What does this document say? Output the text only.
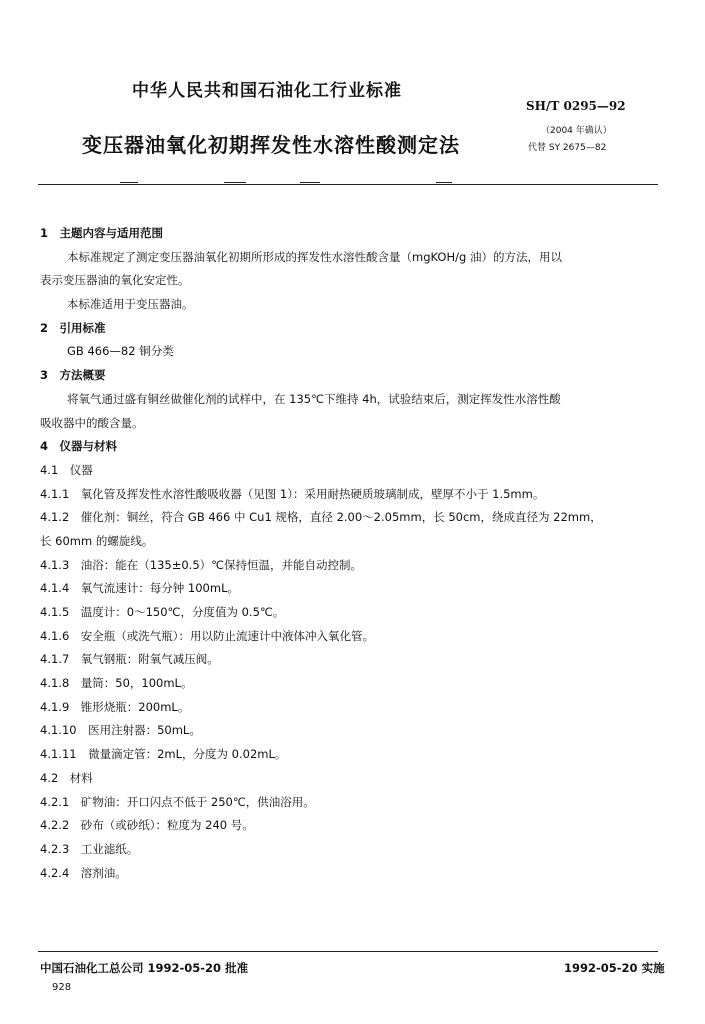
中华人民共和国石油化工行业标准
SH/T 0295—92
变压器油氧化初期挥发性水溶性酸测定法
（2004 年确认）
代替 SY 2675—82
1　主题内容与适用范围
本标准规定了测定变压器油氧化初期所形成的挥发性水溶性酸含量（mgKOH/g 油）的方法，用以
表示变压器油的氧化安定性。
本标准适用于变压器油。
2　引用标准
GB 466—82 铜分类
3　方法概要
将氧气通过盛有铜丝做催化剂的试样中，在 135℃下维持 4h，试验结束后，测定挥发性水溶性酸
吸收器中的酸含量。
4　仪器与材料
4.1　仪器
4.1.1　氧化管及挥发性水溶性酸吸收器（见图 1）：采用耐热硬质玻璃制成，壁厚不小于 1.5mm。
4.1.2　催化剂：铜丝，符合 GB 466 中 Cu1 规格，直径 2.00～2.05mm，长 50cm，绕成直径为 22mm，
长 60mm 的螺旋线。
4.1.3　油浴：能在（135±0.5）℃保持恒温，并能自动控制。
4.1.4　氧气流速计：每分钟 100mL。
4.1.5　温度计：0～150℃，分度值为 0.5℃。
4.1.6　安全瓶（或洗气瓶）：用以防止流速计中液体冲入氧化管。
4.1.7　氧气钢瓶：附氧气减压阀。
4.1.8　量筒：50，100mL。
4.1.9　锥形烧瓶：200mL。
4.1.10　医用注射器：50mL。
4.1.11　微量滴定管：2mL，分度为 0.02mL。
4.2　材料
4.2.1　矿物油：开口闪点不低于 250℃，供油浴用。
4.2.2　砂布（或砂纸）：粒度为 240 号。
4.2.3　工业滤纸。
4.2.4　溶剂油。
中国石油化工总公司 1992-05-20 批准	1992-05-20 实施
928
